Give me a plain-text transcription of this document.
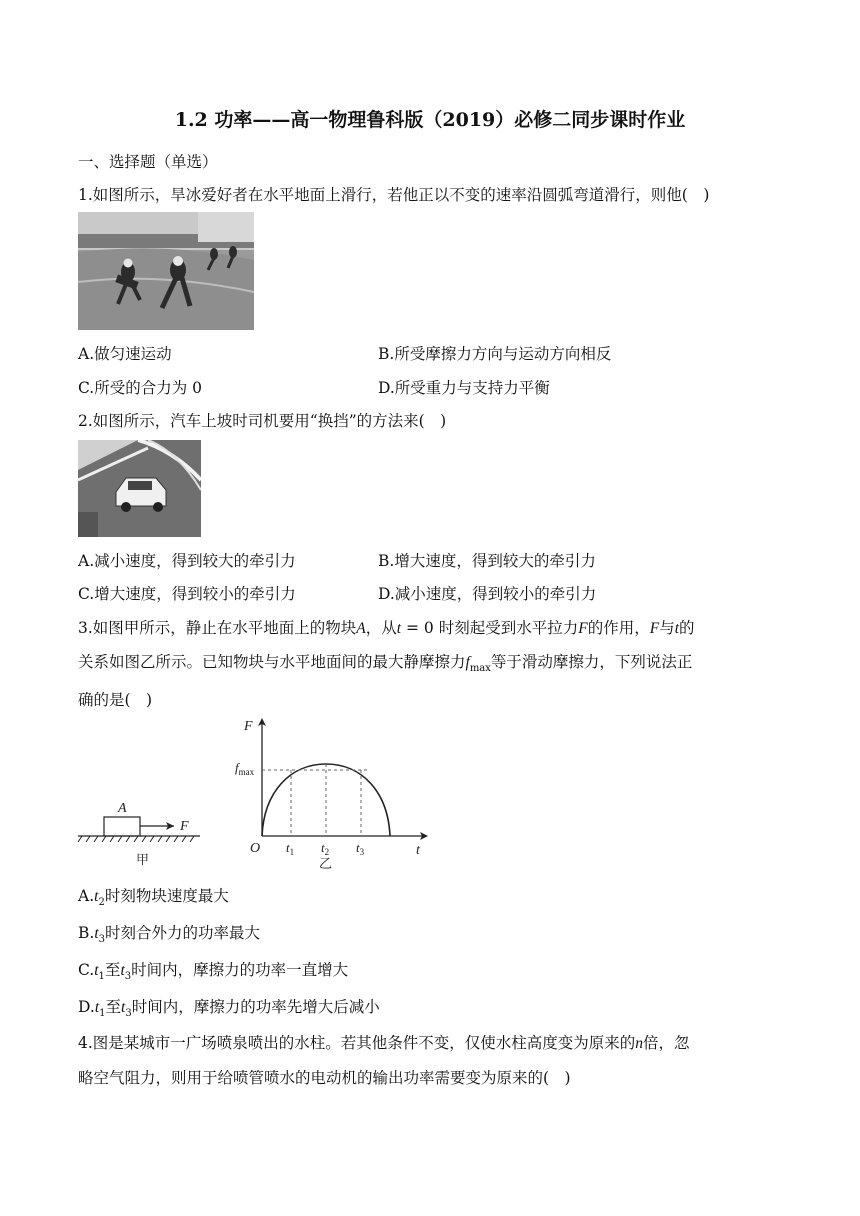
1.2 功率——高一物理鲁科版（2019）必修二同步课时作业
一、选择题（单选）
1.如图所示，旱冰爱好者在水平地面上滑行，若他正以不变的速率沿圆弧弯道滑行，则他(　)
A.做匀速运动	B.所受摩擦力方向与运动方向相反
C.所受的合力为 0	D.所受重力与支持力平衡
2.如图所示，汽车上坡时司机要用“换挡”的方法来(　)
A.减小速度，得到较大的牵引力	B.增大速度，得到较大的牵引力
C.增大速度，得到较小的牵引力	D.减小速度，得到较小的牵引力
3.如图甲所示，静止在水平地面上的物块A，从t = 0 时刻起受到水平拉力F的作用，F与t的
关系如图乙所示。已知物块与水平地面间的最大静摩擦力$f_{max}$等于滑动摩擦力，下列说法正
确的是(　)
A
F
甲
F
t
O
$f_{max}$
$t_1$ $t_2$ $t_3$
乙
$A.t_2$时刻物块速度最大
$B.t_3$时刻合外力的功率最大
$C.t_1$至$t_3$时间内，摩擦力的功率一直增大
$D.t_1$至$t_3$时间内，摩擦力的功率先增大后减小
4.图是某城市一广场喷泉喷出的水柱。若其他条件不变，仅使水柱高度变为原来的n倍，忽
略空气阻力，则用于给喷管喷水的电动机的输出功率需要变为原来的(　)
